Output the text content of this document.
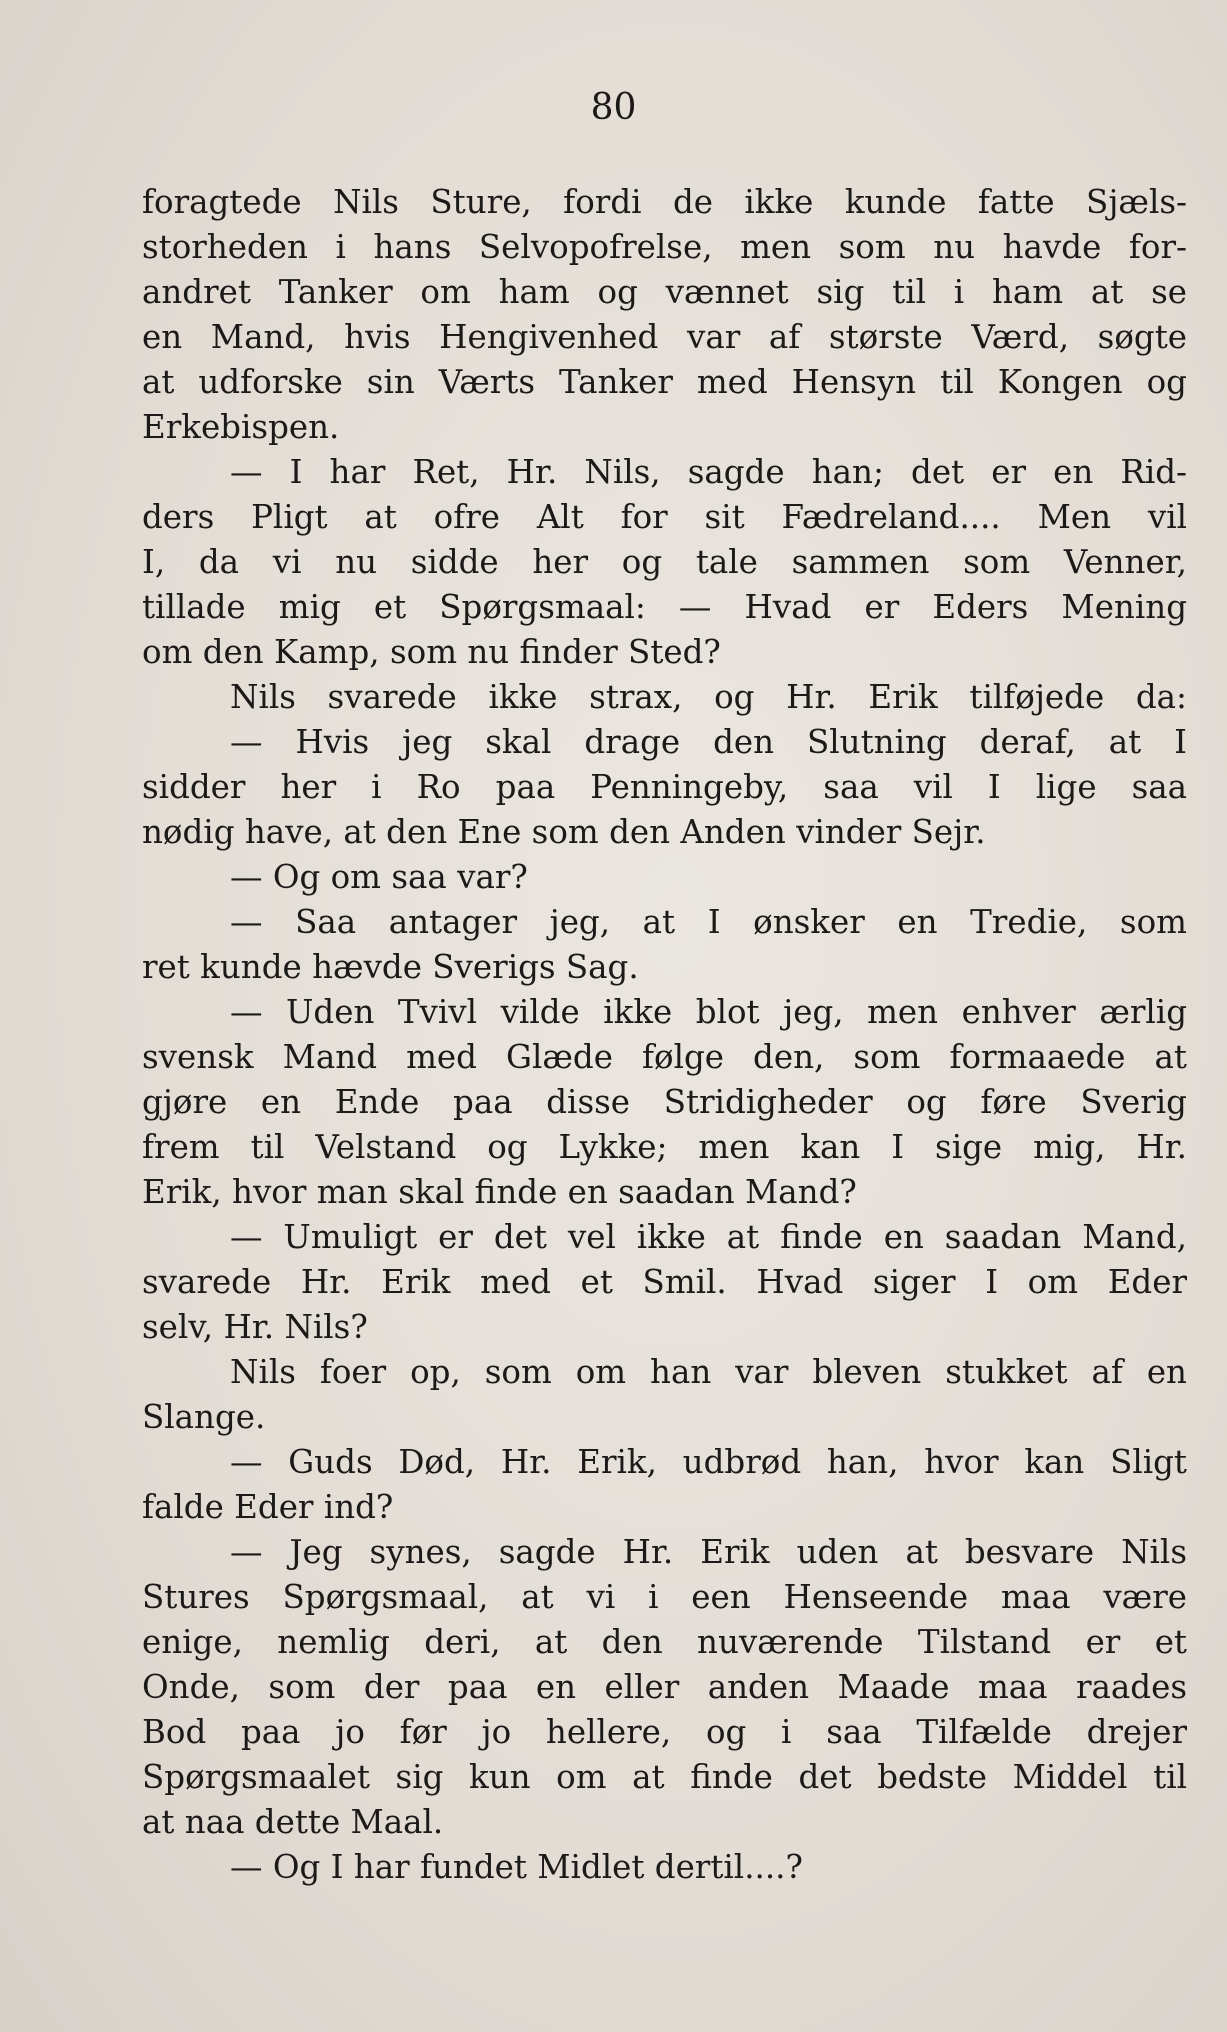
80
foragtede Nils Sture, fordi de ikke kunde fatte Sjæls-
storheden i hans Selvopofrelse, men som nu havde for-
andret Tanker om ham og vænnet sig til i ham at se
en Mand, hvis Hengivenhed var af største Værd, søgte
at udforske sin Værts Tanker med Hensyn til Kongen og
Erkebispen.
— I har Ret, Hr. Nils, sagde han; det er en Rid-
ders Pligt at ofre Alt for sit Fædreland.... Men vil
I, da vi nu sidde her og tale sammen som Venner,
tillade mig et Spørgsmaal: — Hvad er Eders Mening
om den Kamp, som nu finder Sted?
Nils svarede ikke strax, og Hr. Erik tilføjede da:
— Hvis jeg skal drage den Slutning deraf, at I
sidder her i Ro paa Penningeby, saa vil I lige saa
nødig have, at den Ene som den Anden vinder Sejr.
— Og om saa var?
— Saa antager jeg, at I ønsker en Tredie, som
ret kunde hævde Sverigs Sag.
— Uden Tvivl vilde ikke blot jeg, men enhver ærlig
svensk Mand med Glæde følge den, som formaaede at
gjøre en Ende paa disse Stridigheder og føre Sverig
frem til Velstand og Lykke; men kan I sige mig, Hr.
Erik, hvor man skal finde en saadan Mand?
— Umuligt er det vel ikke at finde en saadan Mand,
svarede Hr. Erik med et Smil. Hvad siger I om Eder
selv, Hr. Nils?
Nils foer op, som om han var bleven stukket af en
Slange.
— Guds Død, Hr. Erik, udbrød han, hvor kan Sligt
falde Eder ind?
— Jeg synes, sagde Hr. Erik uden at besvare Nils
Stures Spørgsmaal, at vi i een Henseende maa være
enige, nemlig deri, at den nuværende Tilstand er et
Onde, som der paa en eller anden Maade maa raades
Bod paa jo før jo hellere, og i saa Tilfælde drejer
Spørgsmaalet sig kun om at finde det bedste Middel til
at naa dette Maal.
— Og I har fundet Midlet dertil....?
